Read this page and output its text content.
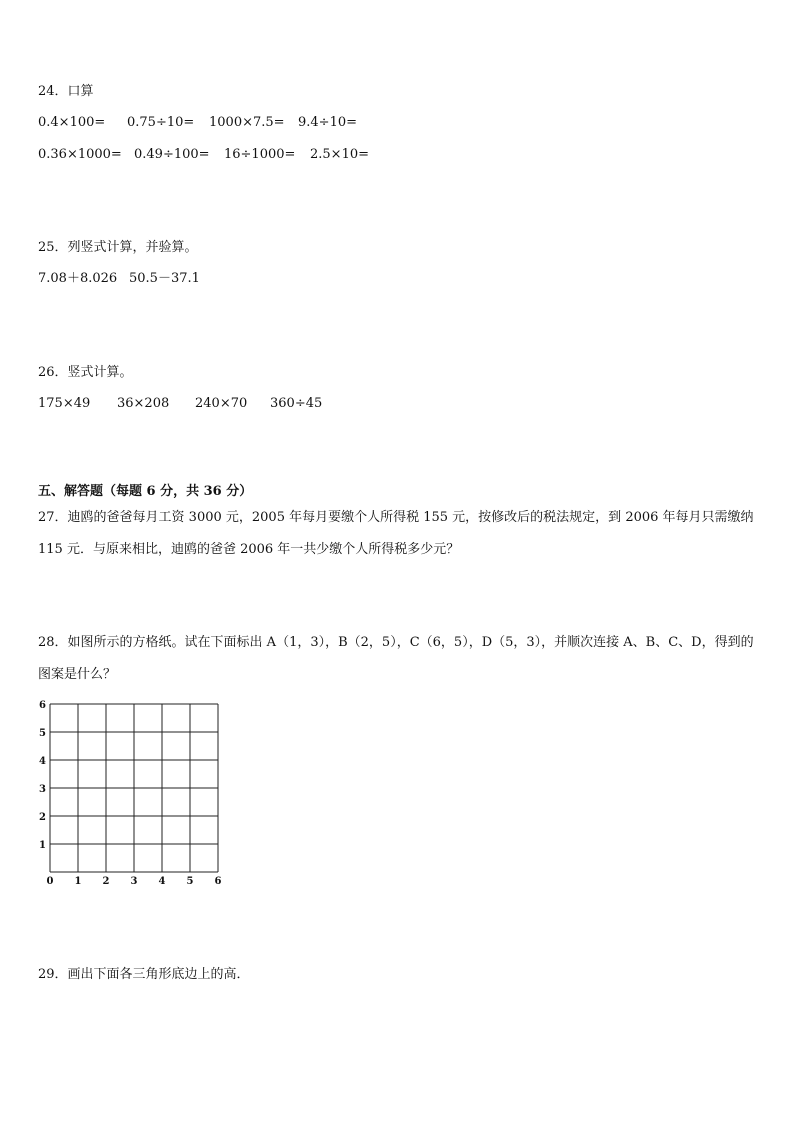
24．口算
0.4×100= 0.75÷10= 1000×7.5= 9.4÷10=
0.36×1000= 0.49÷100= 16÷1000= 2.5×10=
25．列竖式计算，并验算。
7.08＋8.026 50.5－37.1
26．竖式计算。
175×49 36×208 240×70 360÷45
五、解答题（每题 6 分，共 36 分）
27．迪鸥的爸爸每月工资 3000 元，2005 年每月要缴个人所得税 155 元，按修改后的税法规定，到 2006 年每月只需缴纳 115 元．与原来相比，迪鸥的爸爸 2006 年一共少缴个人所得税多少元？
28．如图所示的方格纸。试在下面标出 A（1，3），B（2，5），C（6，5），D（5，3），并顺次连接 A、B、C、D，得到的图案是什么？
0 1 2 3 4 5 6
1
2
3
4
5
6
29．画出下面各三角形底边上的高．
